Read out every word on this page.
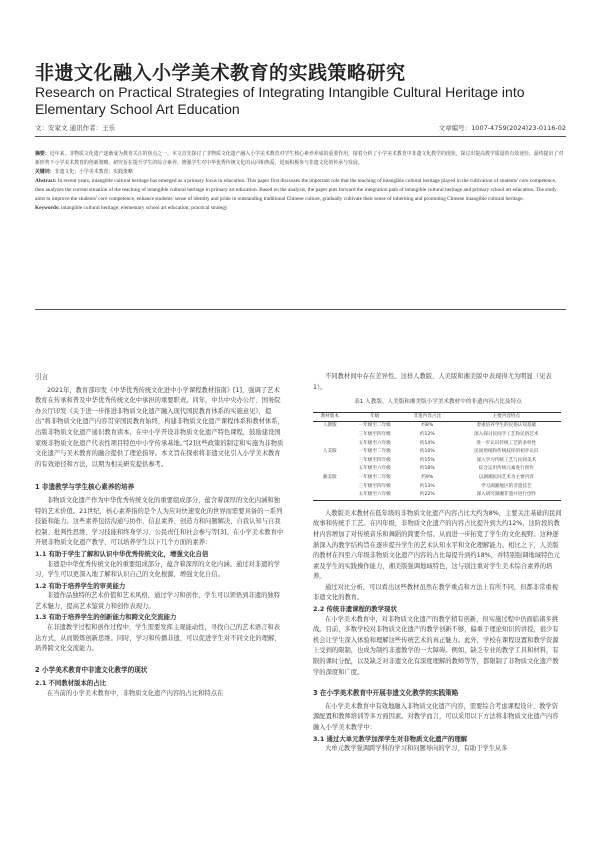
非遗文化融入小学美术教育的实践策略研究
Research on Practical Strategies of Integrating Intangible Cultural Heritage into Elementary School Art Education
文：安家文 通讯作者：王乐	文章编号：1007-4759(2024)23-0116-02
摘要：近年来，非物质文化遗产逐渐成为教育关注的焦点之一。本文首先探讨了非物质文化遗产融入小学美术教育对学生核心素养养成的重要作用，接着分析了小学美术教育中非遗文化教学的现状，探讨出提高教学质量的有效途径，最终提出了对新形势下小学美术教育的创新策略。研究旨在提升学生的综合素养、增强学生对中华优秀传统文化的认同和热爱，进而积极参与非遗文化的传承与发展。
关键词：非遗文化；小学美术教育；实践策略
Abstract: In recent years, intangible cultural heritage has emerged as a primary focus in education. This paper first discusses the important role that the teaching of intangible cultural heritage played in the cultivation of students' core competence, then analyzes the current situation of the teaching of intangible cultural heritage in primary art education. Based on the analysis, the paper puts forward the integration path of intangible cultural heritage and primary school art education. The study aims to improve the students' core competence, enhance students' sense of identity and pride in outstanding traditional Chinese culture, gradually cultivate their sense of inheriting and promoting Chinese intangible cultural heritage.
Keywords: intangible cultural heritage; elementary school art education; practical strategy
引言

2021年，教育部印发《中华优秀传统文化进中小学课程教材指南》[1]，强调了艺术教育在传承和普及中华优秀传统文化中承担的重要职责。同年，中共中央办公厅、国务院办公厅印发《关于进一步推进非物质文化遗产融入现代国民教育体系的实施意见》，提出“将非物质文化遗产内容贯穿国民教育始终，构建非物质文化遗产课程体系和教材体系，出版非物质文化遗产通识教育读本，在中小学开设非物质文化遗产特色课程，鼓励建设国家级非物质文化遗产代表性项目特色中小学传承基地。”[2]这些政策的制定和实施为非物质文化遗产与美术教育的融合提供了理论指导。本文旨在探索将非遗文化引入小学美术教育的有效途径和方法，以期为相关研究提供参考。

1 非遗教学与学生核心素养的培养

非物质文化遗产作为中华优秀传统文化的重要组成部分，蕴含着深厚的文化内涵和独特的艺术价值。21世纪，核心素养指的是个人为应对快速变化的世界而需要具备的一系列技能和能力。这些素养包括沟通与协作、信息素养、创造力和问题解决、自我认知与自我控制、批判性思维、学习技能和终身学习、公民责任和社会参与等[3]。在小学美术教育中开展非物质文化遗产教学，可以培养学生以下几个方面的素养：

1.1 有助于学生了解和认识中华优秀传统文化，增强文化自信

非遗是中华优秀传统文化的重要组成部分，蕴含着深厚的文化内涵。通过对非遗的学习，学生可以更深入地了解和认识自己的文化根源，增强文化自信。

1.2 有助于培养学生的审美能力

非遗作品独特的艺术价值和艺术风格，通过学习和创作，学生可以领悟到非遗的独特艺术魅力，提高艺术鉴赏力和创作表现力。

1.3 有助于培养学生的创新能力和跨文化交流能力

在非遗教学过程和创作过程中，学生需要发挥主观能动性，寻找自己的艺术语言和表达方式，从而锻炼创新思维。同时，学习和传播非遗，可以促进学生对不同文化的理解，培养跨文化交流能力。

2 小学美术教育中非遗文化教学的现状
2.1 不同教材版本的占比

在当前的小学美术教育中，非物质文化遗产内容的占比和特点在

不同教材间中存在差异性。这样人教版、人美版和湘美版中表现得尤为明显（见表1）。

表1 人教版、人美版和湘美版小学美术教材中的非遗内容占比及特点
教材版本	年级	非遗内容占比	主要内容特点
人教版	一年级至二年级	约8%	着重培养学生的民俗认知基础
	三年级至四年级	约12%	深入探讨民间手工艺和民俗艺术
	五年级至六年级	约14%	进一步认识传统工艺的多样性
人美版	一年级至二年级	约10%	民间剪纸和传统纹样的初步认识
	三年级至四年级	约15%	深入学习传统工艺与民间美术
	五年级至六年级	约18%	综合运用传统元素进行创作
湘美版	一年级至二年级	约9%	以湖湘民间艺术为主要内容
	三年级至四年级	约13%	学习湖湘地区的非遗技艺
	五年级至六年级	约22%	深入研究湖湘非遗并进行创作

人教版美术教材在低年级的非物质文化遗产内容占比大约为8%，主要关注基础的民间故事和传统手工艺。在四年级，非物质文化遗产的内容占比提升到大约12%，这阶段的教材内容增加了对传统音乐和舞蹈的简要介绍。从而进一步拓宽了学生的文化视野。这种逐渐深入的教学结构旨在逐步提升学生的艺术认知水平和文化理解能力。相比之下，人美版的教材在四至六年级非物质文化遗产内容的占比每提升到约18%，并特别强调地域特色元素及学生的实践操作能力，湘美版强调地域特色，这与别注重对学生美术综合素养的培养。

通过对比分析，可以看出这些教材虽然在教学重点和方法上有所不同，但都非常重视非遗文化的教育。

2.2 传统非遗课程的教学现状

在小学美术教育中，对非物质文化遗产的教学稍有创新，但实施过程中仍面临诸多挑战。目前，多数学校对非物质文化遗产的教学创新不够，偏重于理论知识的讲授，很少有机会让学生深入体验和理解这些传统艺术的真正魅力。此外，学校在课程设置和教学资源上受到的限制，也成为制约非遗教学的一大障碍。例如，缺乏专业的教学工具和材料，有限的课时分配，以及缺乏对非遗文化有深度理解的教师等等，都限制了非物质文化遗产教学的深度和广度。

3 在小学美术教育中开展非遗文化教学的实践策略

在小学美术教育中有效地融入非物质文化遗产内容，需要综合考虑课程设计、教学资源配置和教师培训等多方面因素。对教学而言，可以采用以下方法将非物质文化遗产内容融入小学美术教学中：

3.1 通过大单元教学加深学生对非物质文化遗产的理解

大单元教学强调跨学科的学习和问题导向的学习，有助于学生从多
